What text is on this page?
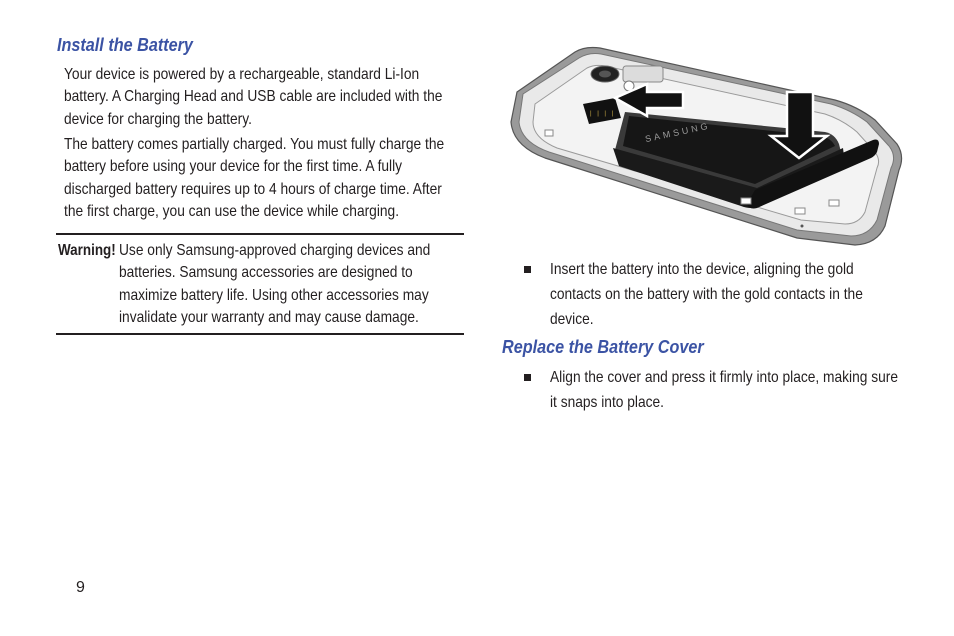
Install the Battery

Your device is powered by a rechargeable, standard Li-Ion battery. A Charging Head and USB cable are included with the device for charging the battery.

The battery comes partially charged. You must fully charge the battery before using your device for the first time. A fully discharged battery requires up to 4 hours of charge time. After the first charge, you can use the device while charging.

Warning! Use only Samsung-approved charging devices and batteries. Samsung accessories are designed to maximize battery life. Using other accessories may invalidate your warranty and may cause damage.

| | | |
SAMSUNG

Insert the battery into the device, aligning the gold contacts on the battery with the gold contacts in the device.

Replace the Battery Cover

Align the cover and press it firmly into place, making sure it snaps into place.

9
